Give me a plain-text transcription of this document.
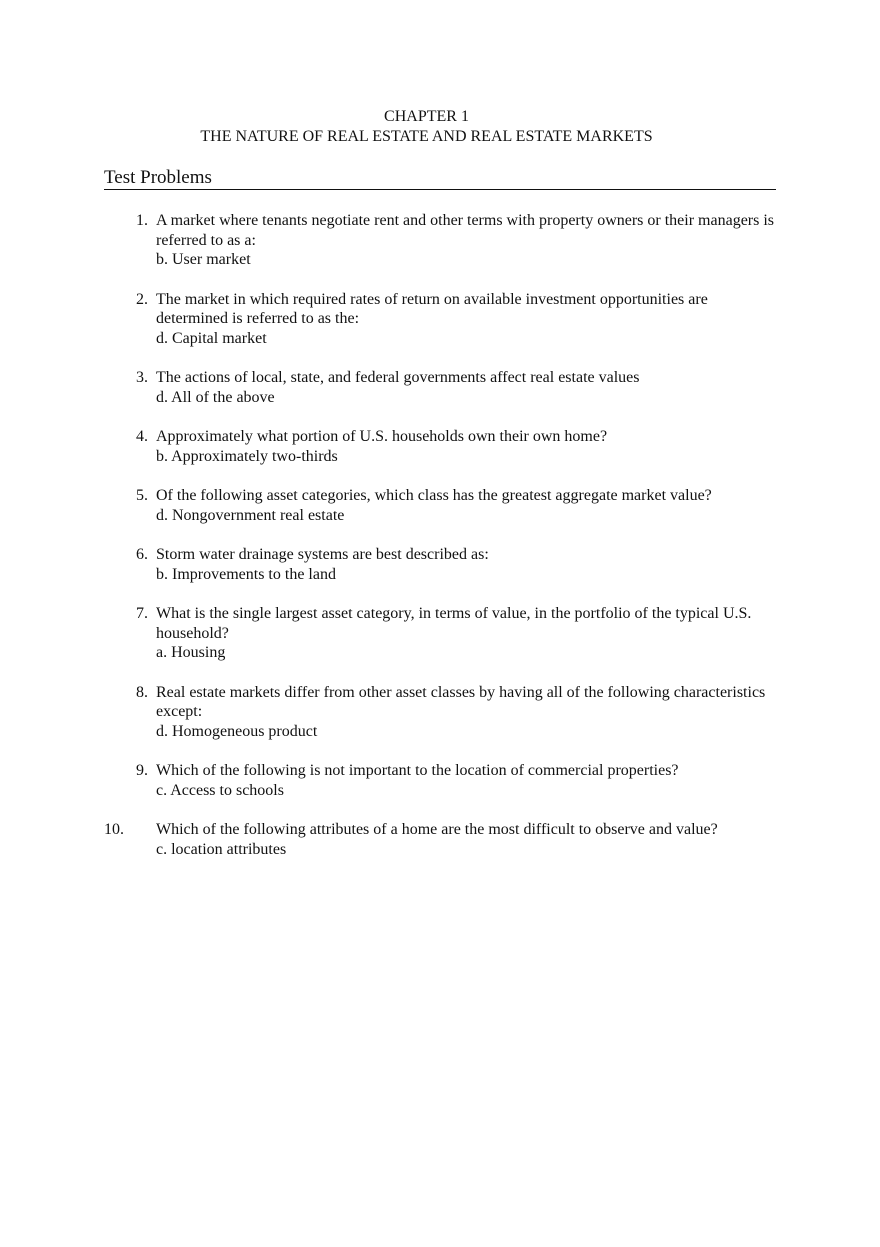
CHAPTER 1
THE NATURE OF REAL ESTATE AND REAL ESTATE MARKETS
Test Problems
1. A market where tenants negotiate rent and other terms with property owners or their managers is referred to as a:
b. User market
2. The market in which required rates of return on available investment opportunities are determined is referred to as the:
d. Capital market
3. The actions of local, state, and federal governments affect real estate values
d. All of the above
4. Approximately what portion of U.S. households own their own home?
b. Approximately two-thirds
5. Of the following asset categories, which class has the greatest aggregate market value?
d. Nongovernment real estate
6. Storm water drainage systems are best described as:
b. Improvements to the land
7. What is the single largest asset category, in terms of value, in the portfolio of the typical U.S. household?
a. Housing
8. Real estate markets differ from other asset classes by having all of the following characteristics except:
d. Homogeneous product
9. Which of the following is not important to the location of commercial properties?
c. Access to schools
10.	Which of the following attributes of a home are the most difficult to observe and value?
c. location attributes
